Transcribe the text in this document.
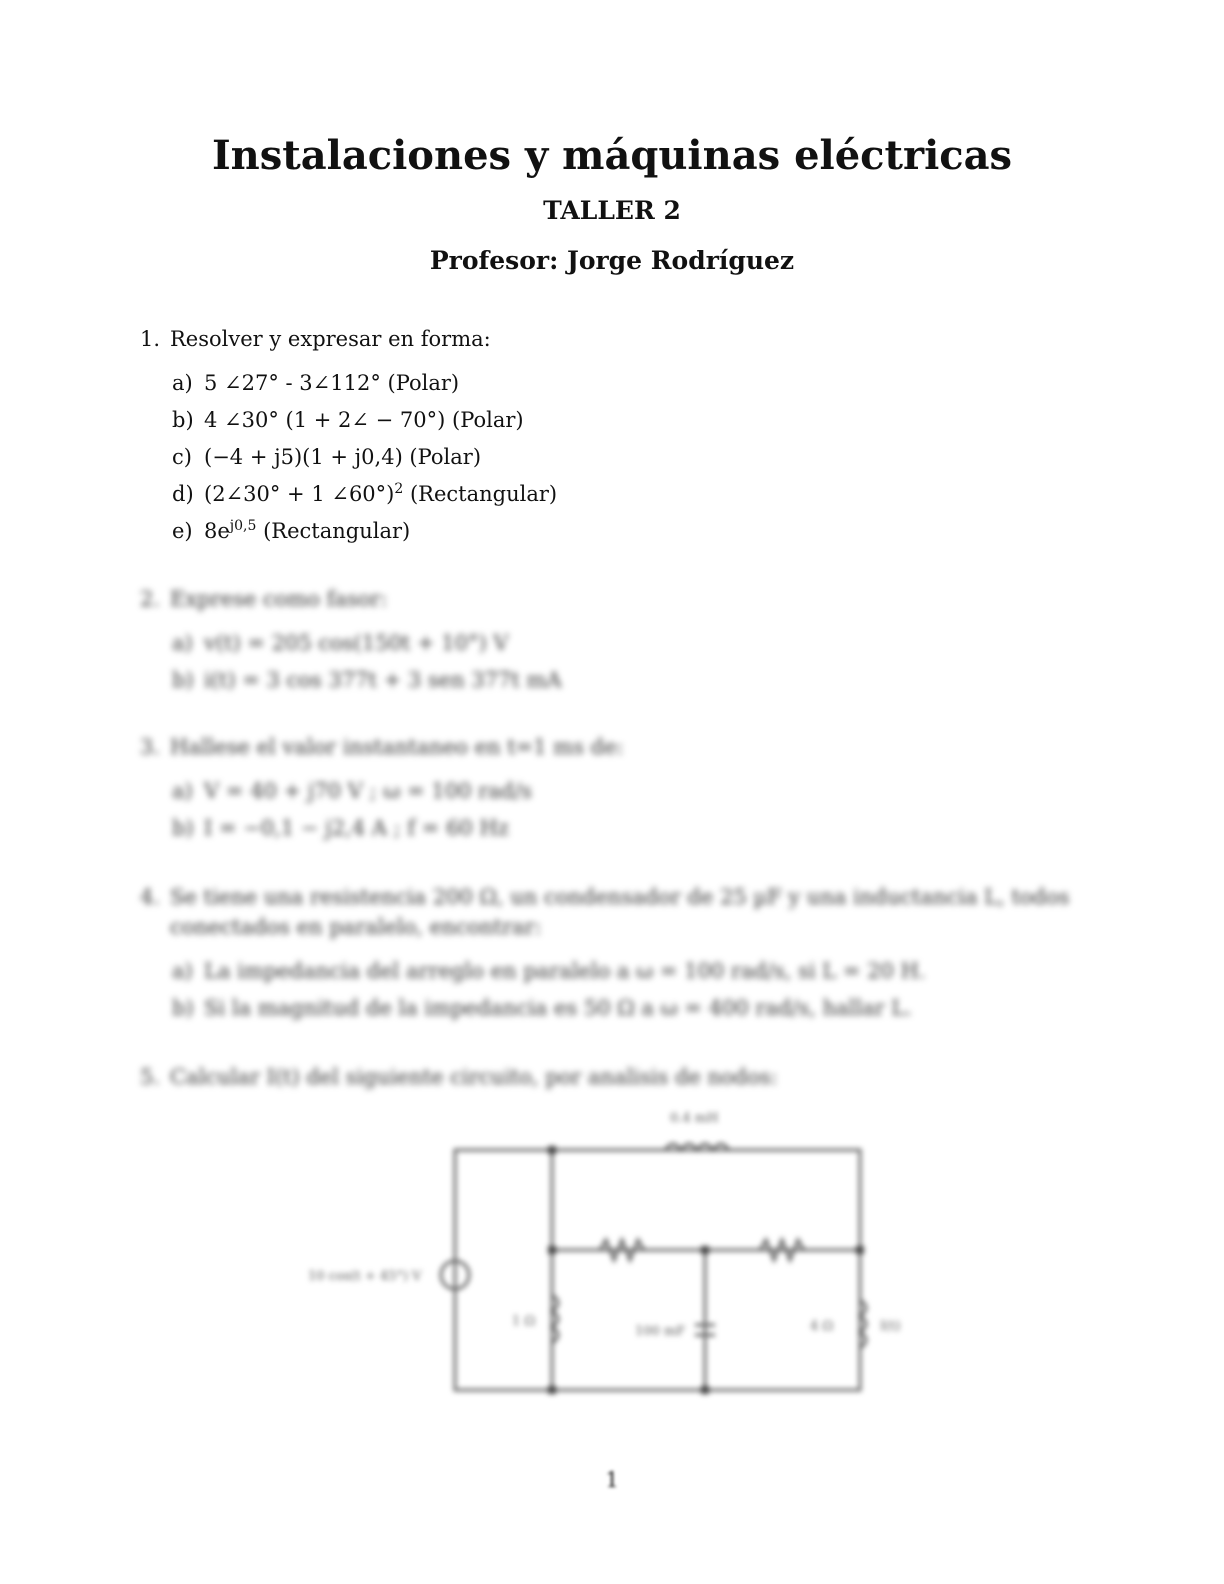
Instalaciones y máquinas eléctricas
TALLER 2
Profesor: Jorge Rodríguez
1. Resolver y expresar en forma:
a) 5 ∠27° - 3∠112° (Polar)
b) 4 ∠30° (1 + 2∠ − 70°) (Polar)
c) (−4 + j5)(1 + j0,4) (Polar)
d) (2∠30° + 1 ∠60°)$^2$ (Rectangular)
e) $8e^{j0,5}$ (Rectangular)
2. Exprese como fasor:
a) v(t) = 205 cos(150t + 10°) V
b) i(t) = 3 cos 377t + 3 sen 377t mA
3. Hallese el valor instantaneo en t=1 ms de:
a) V = 40 + j70 V ; ω = 100 rad/s
b) I = −0,1 − j2,4 A ; f = 60 Hz
4. Se tiene una resistencia 200 Ω, un condensador de 25 µF y una inductancia L, todos conectados en paralelo, encontrar:
a) La impedancia del arreglo en paralelo a ω = 100 rad/s, si L = 20 H.
b) Si la magnitud de la impedancia es 50 Ω a ω = 400 rad/s, hallar L.
5. Calcular I(t) del siguiente circuito, por analisis de nodos:
0.4 mH
10 cos(t + 45°) V
1 Ω
100 mF	4 Ω	I(t)
1
